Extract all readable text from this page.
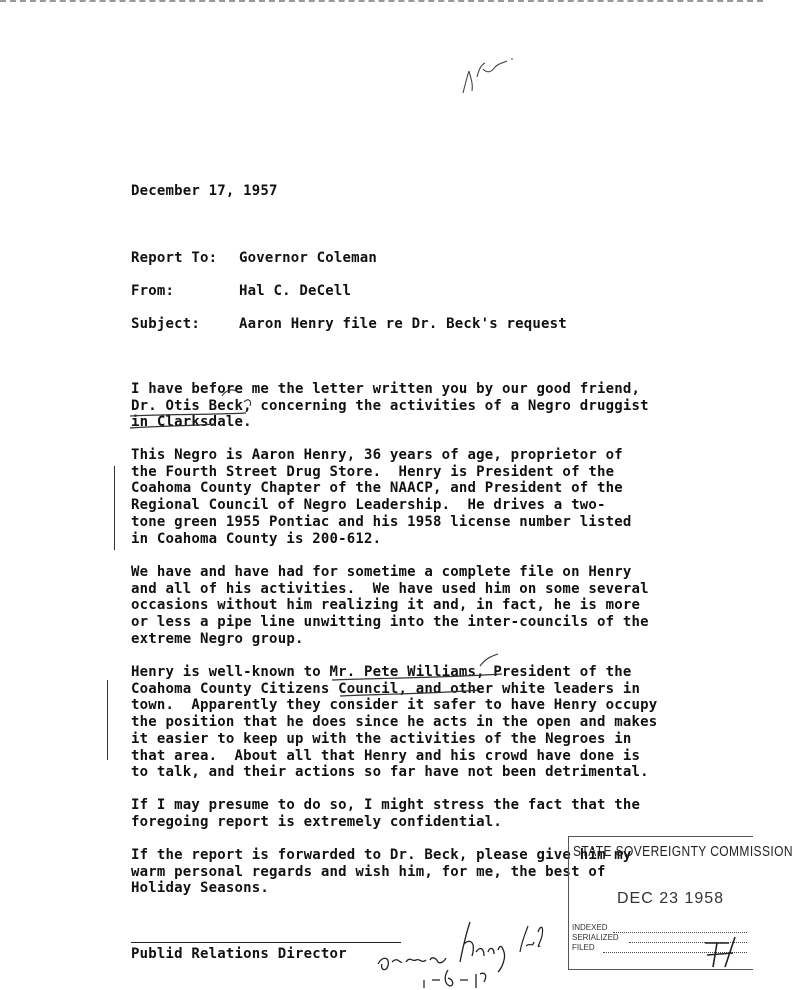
December 17, 1957
Report To: Governor Coleman
From:	Hal C. DeCell
Subject:	Aaron Henry file re Dr. Beck's request
I have before me the letter written you by our good friend,
Dr. Otis Beck, concerning the activities of a Negro druggist
in Clarksdale.
This Negro is Aaron Henry, 36 years of age, proprietor of
the Fourth Street Drug Store.  Henry is President of the
Coahoma County Chapter of the NAACP, and President of the
Regional Council of Negro Leadership.  He drives a two-
tone green 1955 Pontiac and his 1958 license number listed
in Coahoma County is 200-612.
We have and have had for sometime a complete file on Henry
and all of his activities.  We have used him on some several
occasions without him realizing it and, in fact, he is more
or less a pipe line unwitting into the inter-councils of the
extreme Negro group.
Henry is well-known to Mr. Pete Williams, President of the
Coahoma County Citizens Council, and other white leaders in
town.  Apparently they consider it safer to have Henry occupy
the position that he does since he acts in the open and makes
it easier to keep up with the activities of the Negroes in
that area.  About all that Henry and his crowd have done is
to talk, and their actions so far have not been detrimental.
If I may presume to do so, I might stress the fact that the
foregoing report is extremely confidential.
If the report is forwarded to Dr. Beck, please give him my
warm personal regards and wish him, for me, the best of
Holiday Seasons.
Publid Relations Director
STATE SOVEREIGNTY COMMISSION
DEC 23 1958
INDEXED
SERIALIZED
FILED
